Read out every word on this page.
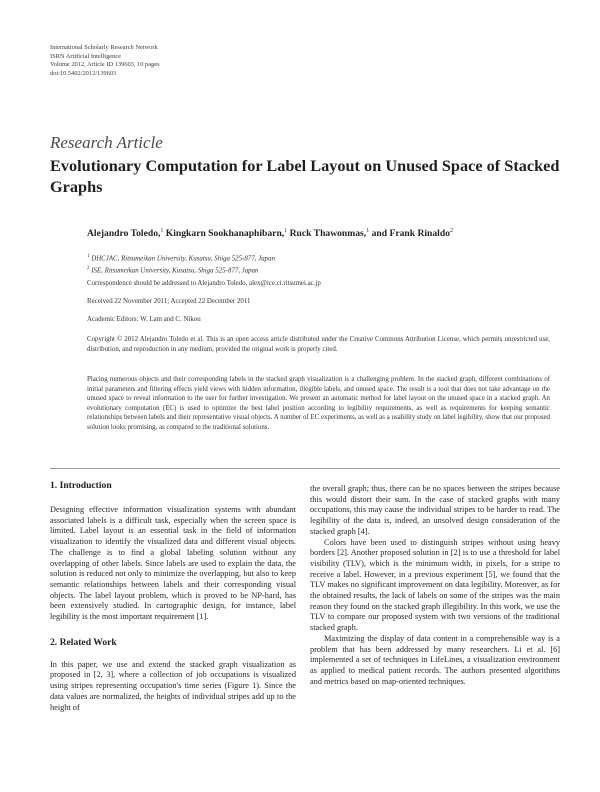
International Scholarly Research Network
ISRN Artificial Intelligence
Volume 2012, Article ID 139603, 10 pages
doi:10.5402/2012/139603
Research Article
Evolutionary Computation for Label Layout on Unused Space of Stacked Graphs
Alejandro Toledo,$^1$ Kingkarn Sookhanaphibarn,$^1$ Ruck Thawonmas,$^1$ and Frank Rinaldo$^2$
$^1$ DHCJAC, Ritsumeikan University, Kusatsu, Shiga 525-877, Japan
$^2$ ISE, Ritsumeikan University, Kusatsu, Shiga 525-877, Japan
Correspondence should be addressed to Alejandro Toledo, alex@ice.ci.ritsumei.ac.jp
Received 22 November 2011; Accepted 22 December 2011
Academic Editors: W. Lam and C. Nikou
Copyright © 2012 Alejandro Toledo et al. This is an open access article distributed under the Creative Commons Attribution License, which permits unrestricted use, distribution, and reproduction in any medium, provided the original work is properly cited.
Placing numerous objects and their corresponding labels in the stacked graph visualization is a challenging problem. In the stacked graph, different combinations of initial parameters and filtering effects yield views with hidden information, illegible labels, and unused space. The result is a tool that does not take advantage on the unused space to reveal information to the user for further investigation. We present an automatic method for label layout on the unused space in a stacked graph. An evolutionary computation (EC) is used to optimize the best label position according to legibility requirements, as well as requirements for keeping semantic relationships between labels and their representative visual objects. A number of EC experiments, as well as a usability study on label legibility, show that our proposed solution looks promising, as compared to the traditional solutions.
1. Introduction

Designing effective information visualization systems with abundant associated labels is a difficult task, especially when the screen space is limited. Label layout is an essential task in the field of information visualization to identify the visualized data and different visual objects. The challenge is to find a global labeling solution without any overlapping of other labels. Since labels are used to explain the data, the solution is reduced not only to minimize the overlapping, but also to keep semantic relationships between labels and their corresponding visual objects. The label layout problem, which is proved to be NP-hard, has been extensively studied. In cartographic design, for instance, label legibility is the most important requirement [1].

2. Related Work

In this paper, we use and extend the stacked graph visualization as proposed in [2, 3], where a collection of job occupations is visualized using stripes representing occupation's time series (Figure 1). Since the data values are normalized, the heights of individual stripes add up to the height of

the overall graph; thus, there can be no spaces between the stripes because this would distort their sum. In the case of stacked graphs with many occupations, this may cause the individual stripes to be harder to read. The legibility of the data is, indeed, an unsolved design consideration of the stacked graph [4].

Colors have been used to distinguish stripes without using heavy borders [2]. Another proposed solution in [2] is to use a threshold for label visibility (TLV), which is the minimum width, in pixels, for a stripe to receive a label. However, in a previous experiment [5], we found that the TLV makes no significant improvement on data legibility. Moreover, as for the obtained results, the lack of labels on some of the stripes was the main reason they found on the stacked graph illegibility. In this work, we use the TLV to compare our proposed system with two versions of the traditional stacked graph.

Maximizing the display of data content in a comprehensible way is a problem that has been addressed by many researchers. Li et al. [6] implemented a set of techniques in LifeLines, a visualization environment as applied to medical patient records. The authors presented algorithms and metrics based on map-oriented techniques.
